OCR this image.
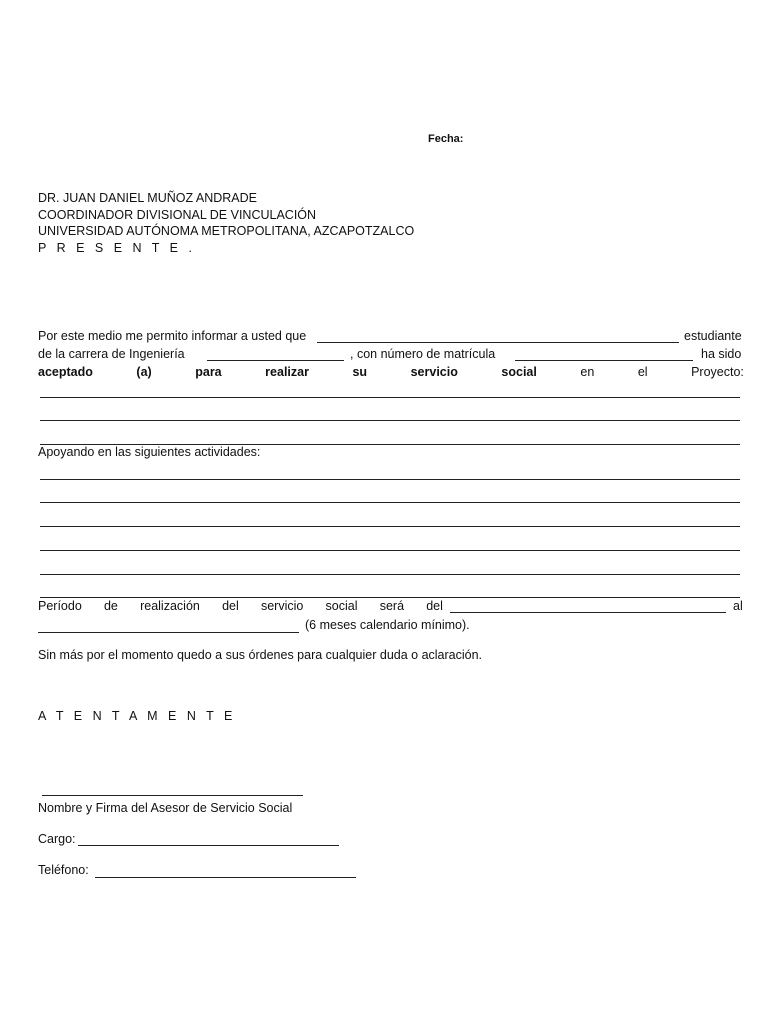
Fecha:
DR. JUAN DANIEL MUÑOZ ANDRADE
COORDINADOR DIVISIONAL DE VINCULACIÓN
UNIVERSIDAD AUTÓNOMA METROPOLITANA, AZCAPOTZALCO
P R E S E N T E .
Por este medio me permito informar a usted que	estudiante
de la carrera de Ingeniería	, con número de matrícula	ha sido
aceptado	(a)	para	realizar	su	servicio	social	en	el	Proyecto:
Apoyando en las siguientes actividades:
Período de realización del servicio social será del	al
(6 meses calendario mínimo).
Sin más por el momento quedo a sus órdenes para cualquier duda o aclaración.
A T E N T A M E N T E
Nombre y Firma del Asesor de Servicio Social
Cargo:
Teléfono:
